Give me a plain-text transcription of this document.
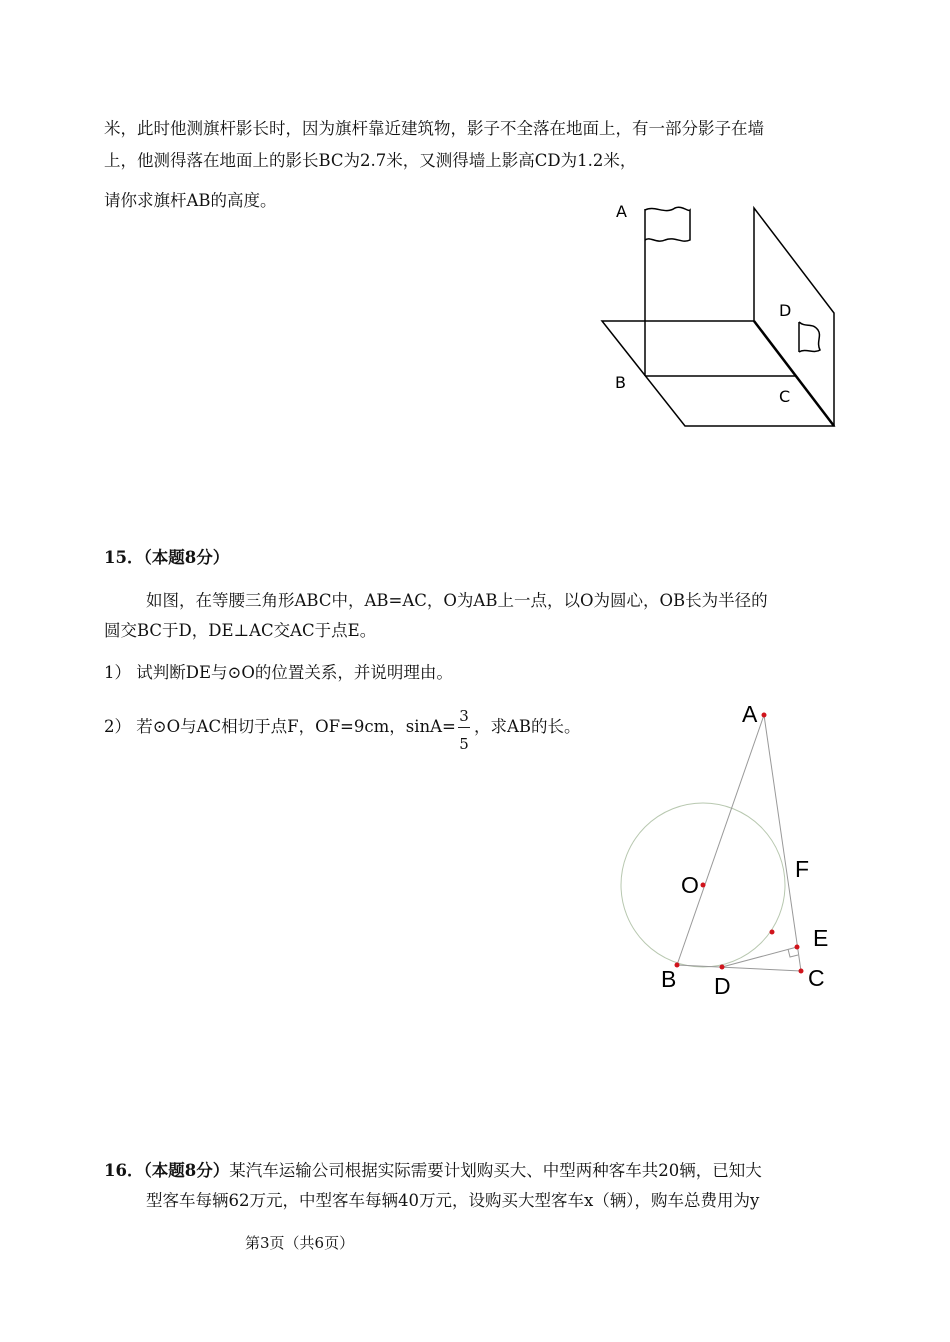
米，此时他测旗杆影长时，因为旗杆靠近建筑物，影子不全落在地面上，有一部分影子在墙
上，他测得落在地面上的影长BC为2.7米，又测得墙上影高CD为1.2米，
请你求旗杆AB的高度。
A
B
C
D
15．（本题8分）
如图，在等腰三角形ABC中，AB=AC，O为AB上一点，以O为圆心，OB长为半径的
圆交BC于D，DE⊥AC交AC于点E。
1） 试判断DE与⊙O的位置关系，并说明理由。
2） 若⊙O与AC相切于点F，OF=9cm，sinA=
3
5
，求AB的长。	A
O
F
E
B D	C
16．（本题8分）某汽车运输公司根据实际需要计划购买大、中型两种客车共20辆，已知大
型客车每辆62万元，中型客车每辆40万元，设购买大型客车x（辆），购车总费用为y
第3页（共6页）
